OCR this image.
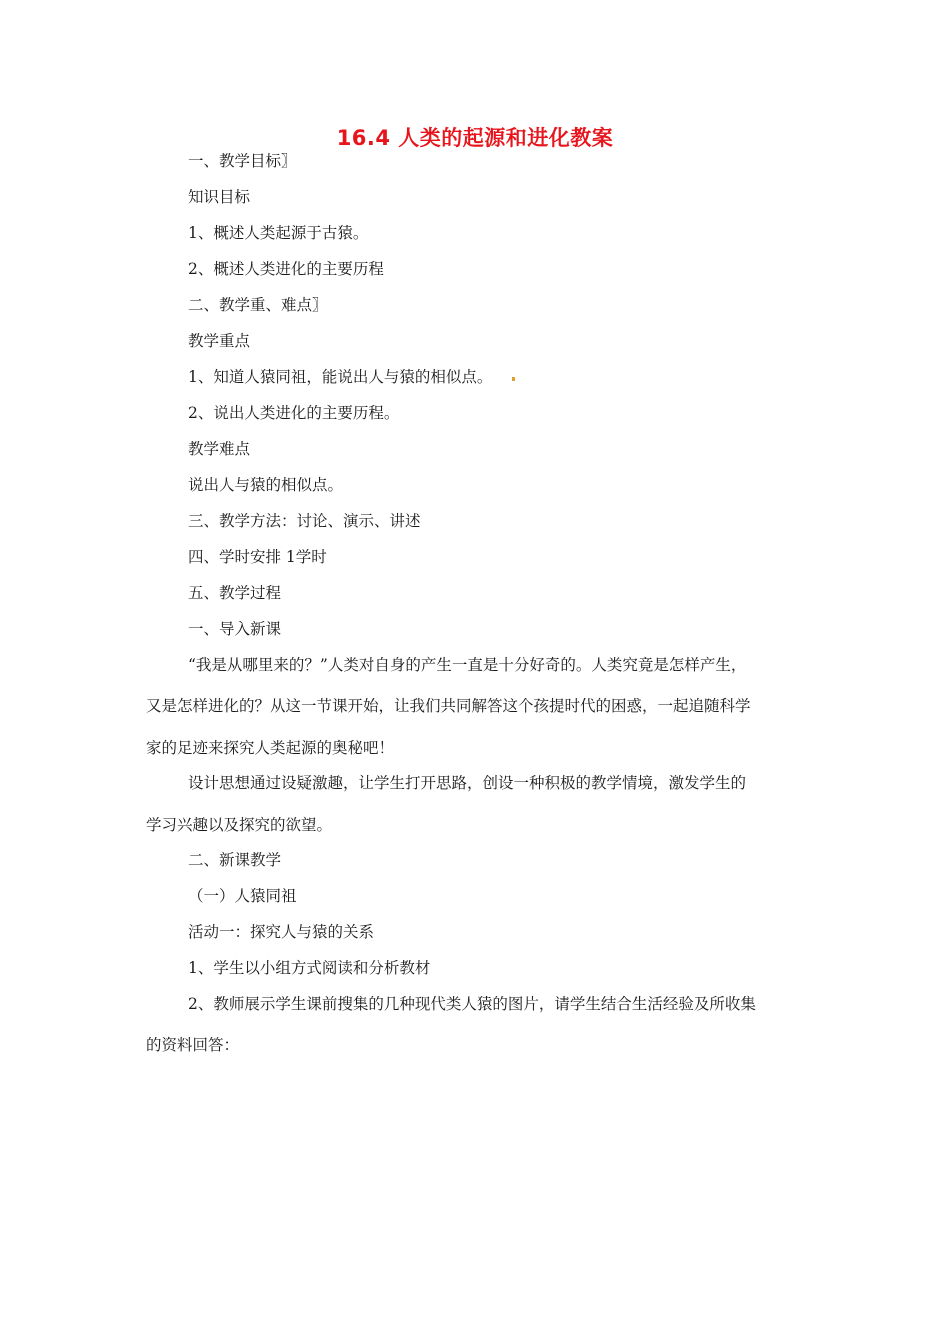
16.4 人类的起源和进化教案
一、教学目标〗
知识目标
1、概述人类起源于古猿。
2、概述人类进化的主要历程
二、教学重、难点〗
教学重点
1、知道人猿同祖，能说出人与猿的相似点。
2、说出人类进化的主要历程。
教学难点
说出人与猿的相似点。
三、教学方法：讨论、演示、讲述
四、学时安排 1学时
五、教学过程
一、导入新课
“我是从哪里来的？”人类对自身的产生一直是十分好奇的。人类究竟是怎样产生，
又是怎样进化的？从这一节课开始，让我们共同解答这个孩提时代的困惑，一起追随科学
家的足迹来探究人类起源的奥秘吧！
设计思想通过设疑激趣，让学生打开思路，创设一种积极的教学情境，激发学生的
学习兴趣以及探究的欲望。
二、新课教学
（一）人猿同祖
活动一：探究人与猿的关系
1、学生以小组方式阅读和分析教材
2、教师展示学生课前搜集的几种现代类人猿的图片，请学生结合生活经验及所收集
的资料回答：
